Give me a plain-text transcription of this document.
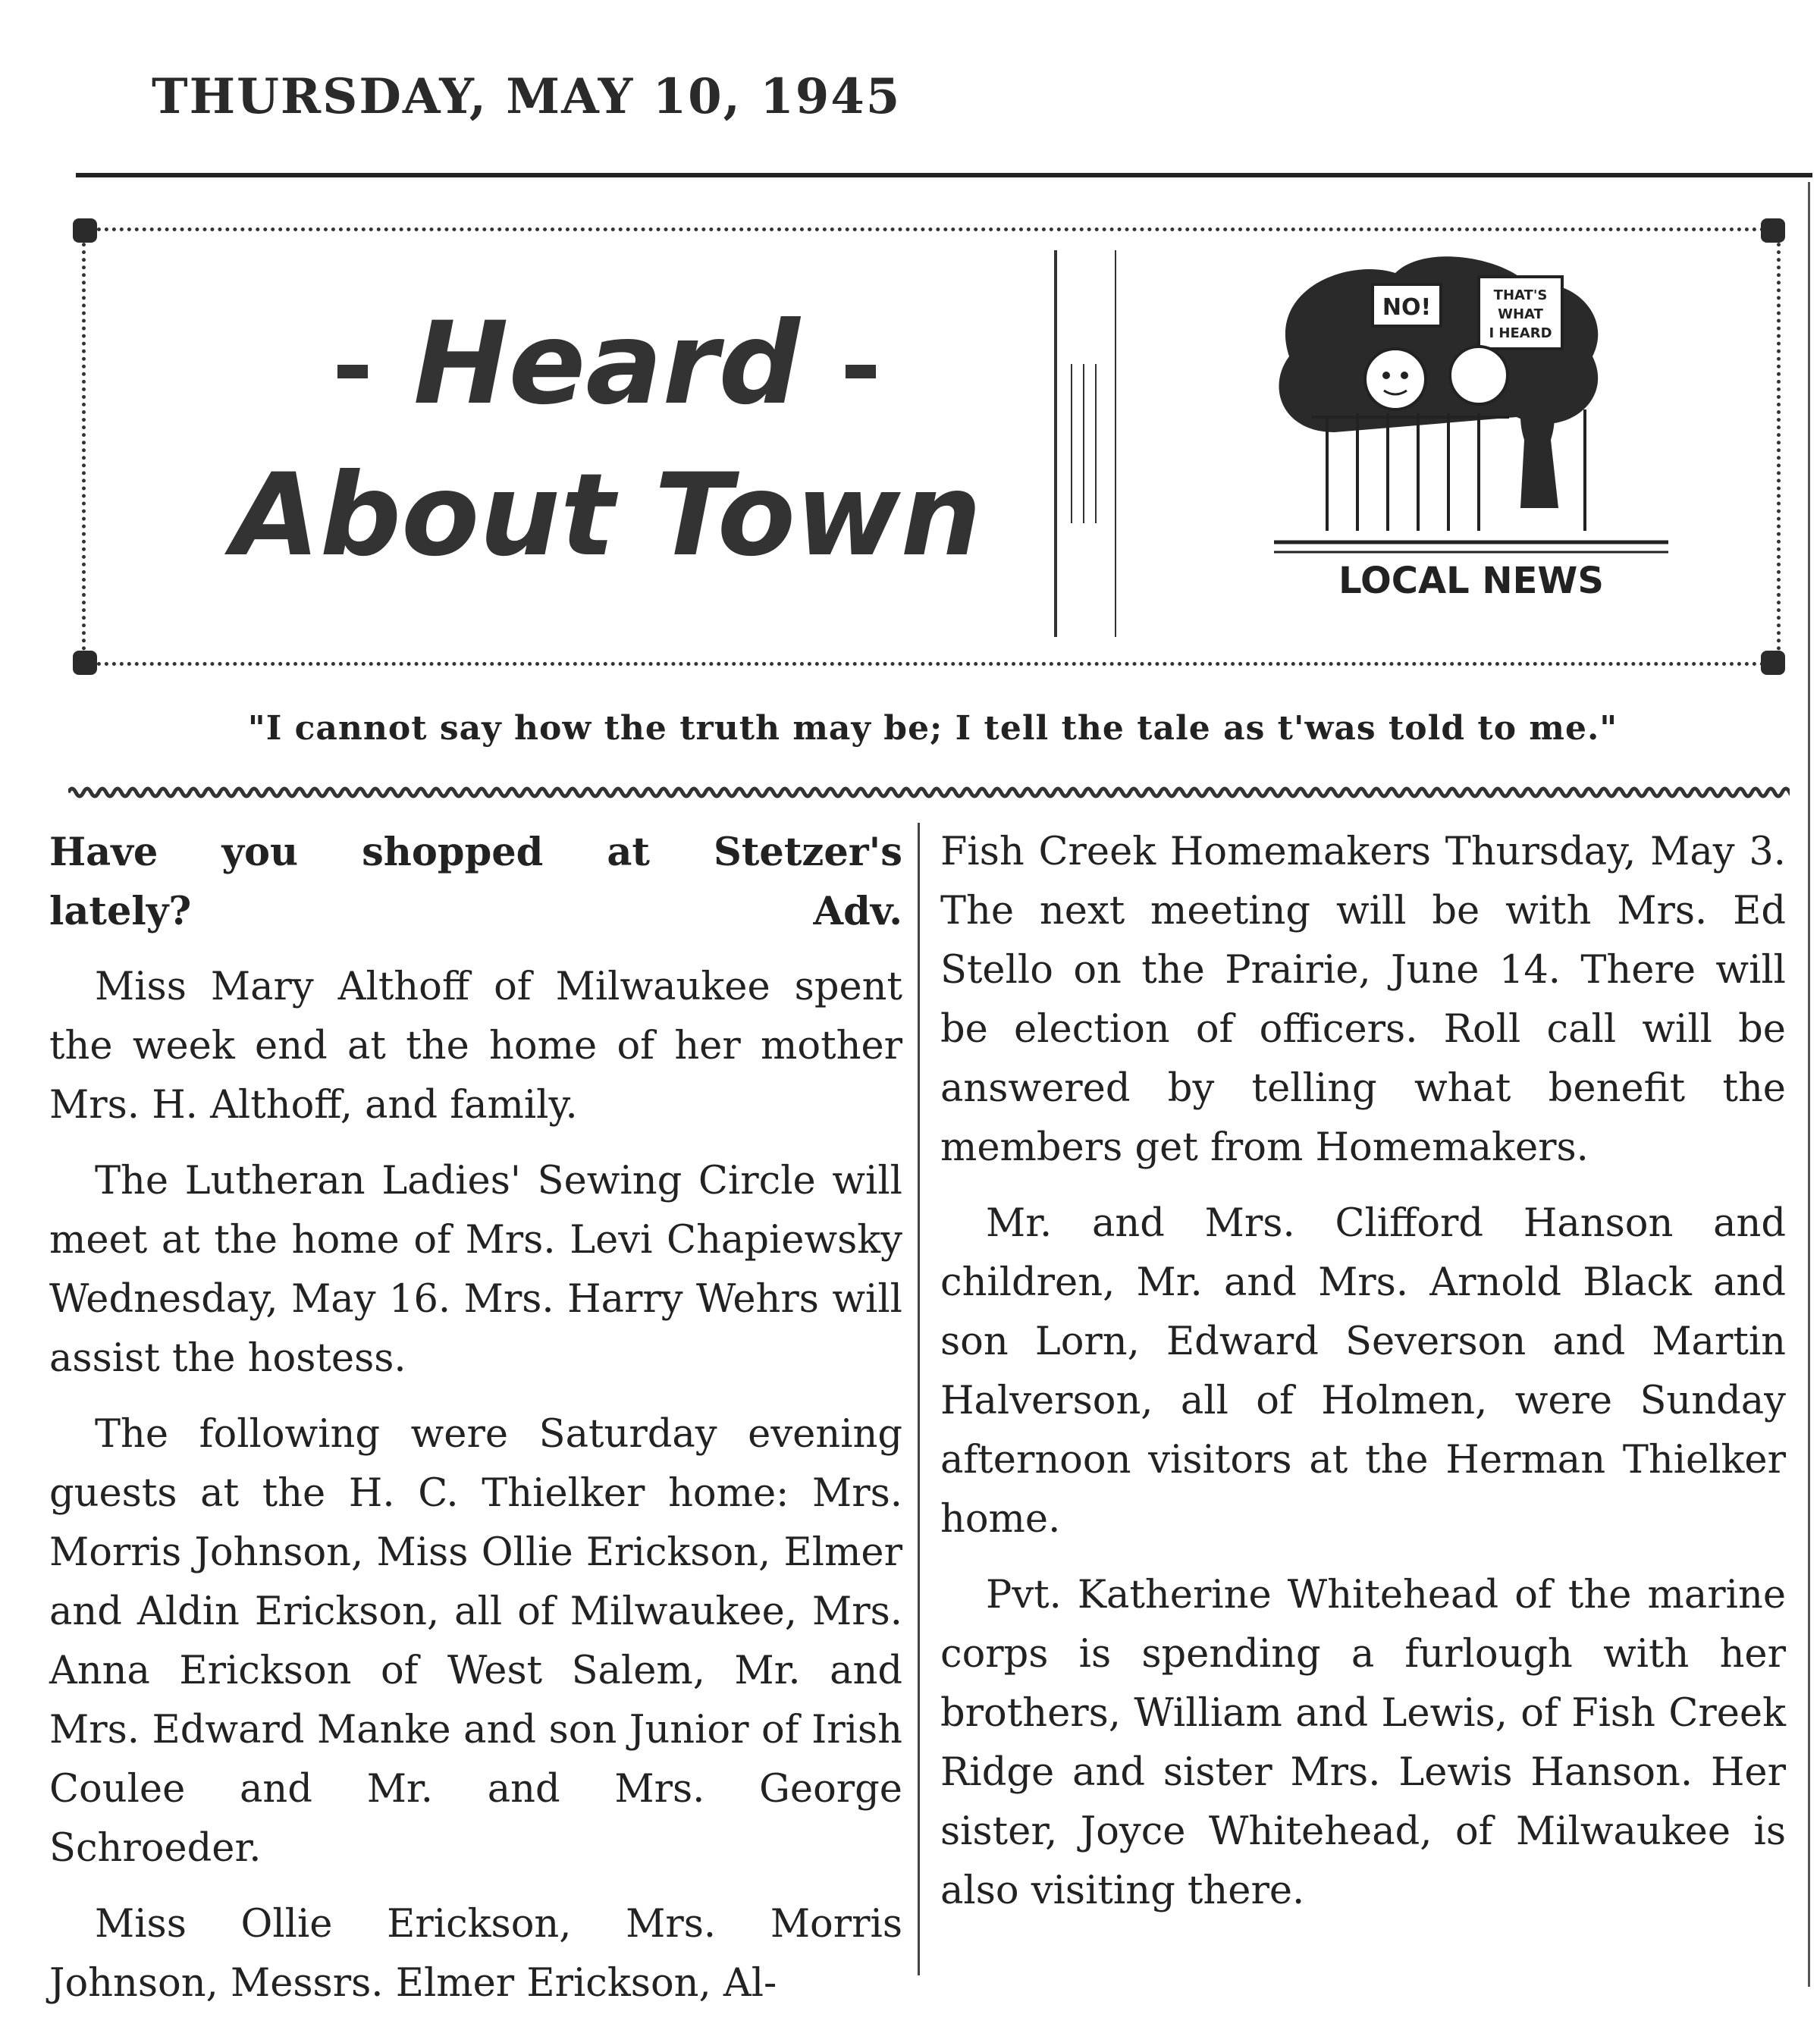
THURSDAY, MAY 10, 1945
Heard
About Town
NO!	THAT'S
WHAT
I HEARD
LOCAL NEWS
"I cannot say how the truth may be; I tell the tale as t'was told to me."
Have you shopped at Stetzer's
lately?	Adv.

Miss Mary Althoff of Milwaukee spent the week end at the home of her mother Mrs. H. Althoff, and family.

The Lutheran Ladies' Sewing Circle will meet at the home of Mrs. Levi Chapiewsky Wednesday, May 16. Mrs. Harry Wehrs will assist the hostess.

The following were Saturday evening guests at the H. C. Thielker home: Mrs. Morris Johnson, Miss Ollie Erickson, Elmer and Aldin Erickson, all of Milwaukee, Mrs. Anna Erickson of West Salem, Mr. and Mrs. Edward Manke and son Junior of Irish Coulee and Mr. and Mrs. George Schroeder.

Miss Ollie Erickson, Mrs. Morris Johnson, Messrs. Elmer Erickson, Al-

Fish Creek Homemakers Thursday, May 3. The next meeting will be with Mrs. Ed Stello on the Prairie, June 14. There will be election of officers. Roll call will be answered by telling what benefit the members get from Homemakers.

Mr. and Mrs. Clifford Hanson and children, Mr. and Mrs. Arnold Black and son Lorn, Edward Severson and Martin Halverson, all of Holmen, were Sunday afternoon visitors at the Herman Thielker home.

Pvt. Katherine Whitehead of the marine corps is spending a furlough with her brothers, William and Lewis, of Fish Creek Ridge and sister Mrs. Lewis Hanson. Her sister, Joyce Whitehead, of Milwaukee is also visiting there.
